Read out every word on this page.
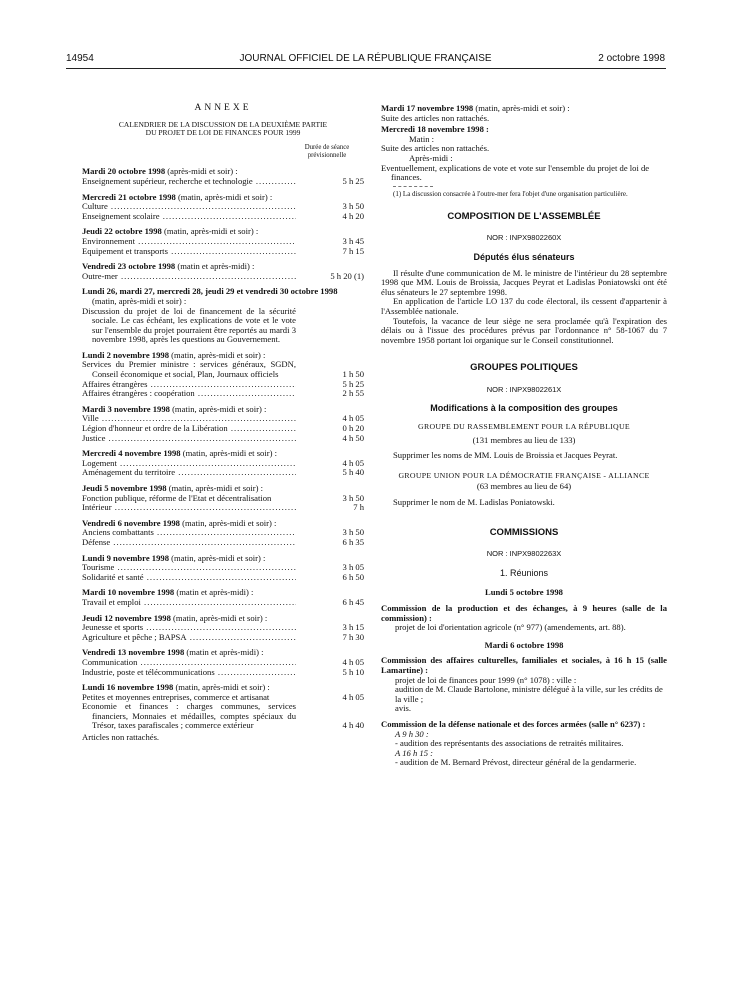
14954	JOURNAL OFFICIEL DE LA RÉPUBLIQUE FRANÇAISE	2 octobre 1998
ANNEXE
CALENDRIER DE LA DISCUSSION DE LA DEUXIÈME PARTIE
DU PROJET DE LOI DE FINANCES POUR 1999
Durée de séance
prévisionnelle
Mardi 20 octobre 1998 (après-midi et soir) :
Enseignement supérieur, recherche et technologie .....	5 h 25
Mercredi 21 octobre 1998 (matin, après-midi et soir) :
Culture .....	3 h 50
Enseignement scolaire .....	4 h 20
Jeudi 22 octobre 1998 (matin, après-midi et soir) :
Environnement .....	3 h 45
Equipement et transports .....	7 h 15
Vendredi 23 octobre 1998 (matin et après-midi) :
Outre-mer .....	5 h 20 (1)
Lundi 26, mardi 27, mercredi 28, jeudi 29 et vendredi 30 octobre 1998 (matin, après-midi et soir) :
Discussion du projet de loi de financement de la sécurité sociale. Le cas échéant, les explications de vote et le vote sur l'ensemble du projet pourraient être reportés au mardi 3 novembre 1998, après les questions au Gouvernement.
Lundi 2 novembre 1998 (matin, après-midi et soir) :
Services du Premier ministre : services généraux, SGDN, Conseil économique et social, Plan, Journaux officiels	1 h 50
Affaires étrangères .....	5 h 25
Affaires étrangères : coopération .....	2 h 55
Mardi 3 novembre 1998 (matin, après-midi et soir) :
Ville .....	4 h 05
Légion d'honneur et ordre de la Libération .....	0 h 20
Justice .....	4 h 50
Mercredi 4 novembre 1998 (matin, après-midi et soir) :
Logement .....	4 h 05
Aménagement du territoire .....	5 h 40
Jeudi 5 novembre 1998 (matin, après-midi et soir) :
Fonction publique, réforme de l'Etat et décentralisation	3 h 50
Intérieur .....	7 h
Vendredi 6 novembre 1998 (matin, après-midi et soir) :
Anciens combattants .....	3 h 50
Défense .....	6 h 35
Lundi 9 novembre 1998 (matin, après-midi et soir) :
Tourisme .....	3 h 05
Solidarité et santé .....	6 h 50
Mardi 10 novembre 1998 (matin et après-midi) :
Travail et emploi .....	6 h 45
Jeudi 12 novembre 1998 (matin, après-midi et soir) :
Jeunesse et sports .....	3 h 15
Agriculture et pêche ; BAPSA .....	7 h 30
Vendredi 13 novembre 1998 (matin et après-midi) :
Communication .....	4 h 05
Industrie, poste et télécommunications .....	5 h 10
Lundi 16 novembre 1998 (matin, après-midi et soir) :
Petites et moyennes entreprises, commerce et artisanat	4 h 05
Economie et finances : charges communes, services financiers, Monnaies et médailles, comptes spéciaux du Trésor, taxes parafiscales ; commerce extérieur	4 h 40
Articles non rattachés.
Mardi 17 novembre 1998 (matin, après-midi et soir) :
Suite des articles non rattachés.
Mercredi 18 novembre 1998 :
Matin :
Suite des articles non rattachés.
Après-midi :
Eventuellement, explications de vote et vote sur l'ensemble du projet de loi de finances.
(1) La discussion consacrée à l'outre-mer fera l'objet d'une organisation particulière.
COMPOSITION DE L'ASSEMBLÉE
NOR : INPX9802260X
Députés élus sénateurs
Il résulte d'une communication de M. le ministre de l'intérieur du 28 septembre 1998 que MM. Louis de Broissia, Jacques Peyrat et Ladislas Poniatowski ont été élus sénateurs le 27 septembre 1998.
En application de l'article LO 137 du code électoral, ils cessent d'appartenir à l'Assemblée nationale.
Toutefois, la vacance de leur siège ne sera proclamée qu'à l'expiration des délais ou à l'issue des procédures prévus par l'ordonnance n° 58-1067 du 7 novembre 1958 portant loi organique sur le Conseil constitutionnel.
GROUPES POLITIQUES
NOR : INPX9802261X
Modifications à la composition des groupes
GROUPE DU RASSEMBLEMENT POUR LA RÉPUBLIQUE
(131 membres au lieu de 133)
Supprimer les noms de MM. Louis de Broissia et Jacques Peyrat.
GROUPE UNION POUR LA DÉMOCRATIE FRANÇAISE - ALLIANCE
(63 membres au lieu de 64)
Supprimer le nom de M. Ladislas Poniatowski.
COMMISSIONS
NOR : INPX9802263X
1. Réunions
Lundi 5 octobre 1998
Commission de la production et des échanges, à 9 heures (salle de la commission) :
projet de loi d'orientation agricole (n° 977) (amendements, art. 88).
Mardi 6 octobre 1998
Commission des affaires culturelles, familiales et sociales, à 16 h 15 (salle Lamartine) :
projet de loi de finances pour 1999 (n° 1078) : ville :
audition de M. Claude Bartolone, ministre délégué à la ville, sur les crédits de la ville ;
avis.
Commission de la défense nationale et des forces armées (salle n° 6237) :
A 9 h 30 :
- audition des représentants des associations de retraités militaires.
A 16 h 15 :
- audition de M. Bernard Prévost, directeur général de la gendarmerie.
